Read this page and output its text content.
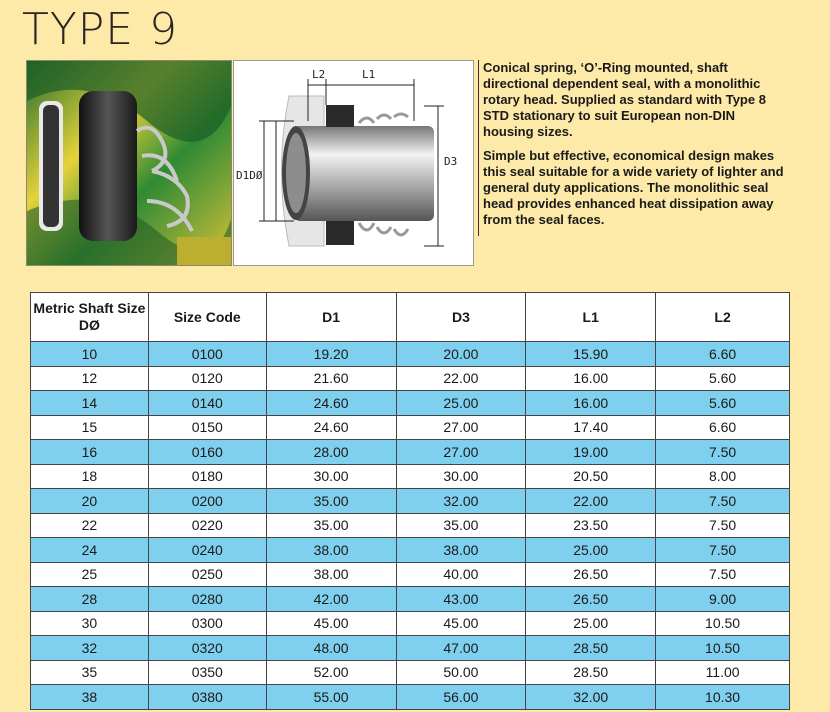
TYPE 9
L2	L1
D1DØ
D3

Conical spring, ‘O’-Ring mounted, shaft directional dependent seal, with a monolithic rotary head. Supplied as standard with Type 8 STD stationary to suit European non-DIN housing sizes.

Simple but effective, economical design makes this seal suitable for a wide variety of lighter and general duty applications. The monolithic seal head provides enhanced heat dissipation away from the seal faces.

Metric Shaft Size DØ	Size Code	D1	D3	L1	L2
10	0100	19.20	20.00	15.90	6.60
12	0120	21.60	22.00	16.00	5.60
14	0140	24.60	25.00	16.00	5.60
15	0150	24.60	27.00	17.40	6.60
16	0160	28.00	27.00	19.00	7.50
18	0180	30.00	30.00	20.50	8.00
20	0200	35.00	32.00	22.00	7.50
22	0220	35.00	35.00	23.50	7.50
24	0240	38.00	38.00	25.00	7.50
25	0250	38.00	40.00	26.50	7.50
28	0280	42.00	43.00	26.50	9.00
30	0300	45.00	45.00	25.00	10.50
32	0320	48.00	47.00	28.50	10.50
35	0350	52.00	50.00	28.50	11.00
38	0380	55.00	56.00	32.00	10.30
